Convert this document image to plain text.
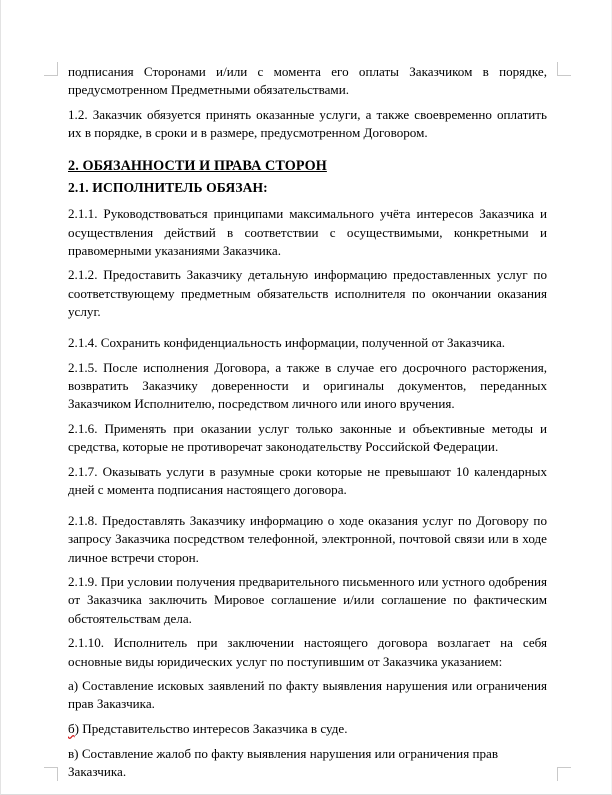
подписания Сторонами и/или с момента его оплаты Заказчиком в порядке, предусмотренном Предметными обязательствами.

1.2. Заказчик обязуется принять оказанные услуги, а также своевременно оплатить их в порядке, в сроки и в размере, предусмотренном Договором.

2. ОБЯЗАННОСТИ И ПРАВА СТОРОН
2.1. ИСПОЛНИТЕЛЬ ОБЯЗАН:

2.1.1. Руководствоваться принципами максимального учёта интересов Заказчика и осуществления действий в соответствии с осуществимыми, конкретными и правомерными указаниями Заказчика.

2.1.2. Предоставить Заказчику детальную информацию предоставленных услуг по соответствующему предметным обязательств исполнителя по окончании оказания услуг.

2.1.4. Сохранить конфиденциальность информации, полученной от Заказчика.

2.1.5. После исполнения Договора, а также в случае его досрочного расторжения, возвратить Заказчику доверенности и оригиналы документов, переданных Заказчиком Исполнителю, посредством личного или иного вручения.

2.1.6. Применять при оказании услуг только законные и объективные методы и средства, которые не противоречат законодательству Российской Федерации.

2.1.7. Оказывать услуги в разумные сроки которые не превышают 10 календарных дней с момента подписания настоящего договора.

2.1.8. Предоставлять Заказчику информацию о ходе оказания услуг по Договору по запросу Заказчика посредством телефонной, электронной, почтовой связи или в ходе личное встречи сторон.

2.1.9. При условии получения предварительного письменного или устного одобрения от Заказчика заключить Мировое соглашение и/или соглашение по фактическим обстоятельствам дела.

2.1.10. Исполнитель при заключении настоящего договора возлагает на себя основные виды юридических услуг по поступившим от Заказчика указанием:

а) Составление исковых заявлений по факту выявления нарушения или ограничения прав Заказчика.

б) Представительство интересов Заказчика в суде.

в) Составление жалоб по факту выявления нарушения или ограничения прав Заказчика.
